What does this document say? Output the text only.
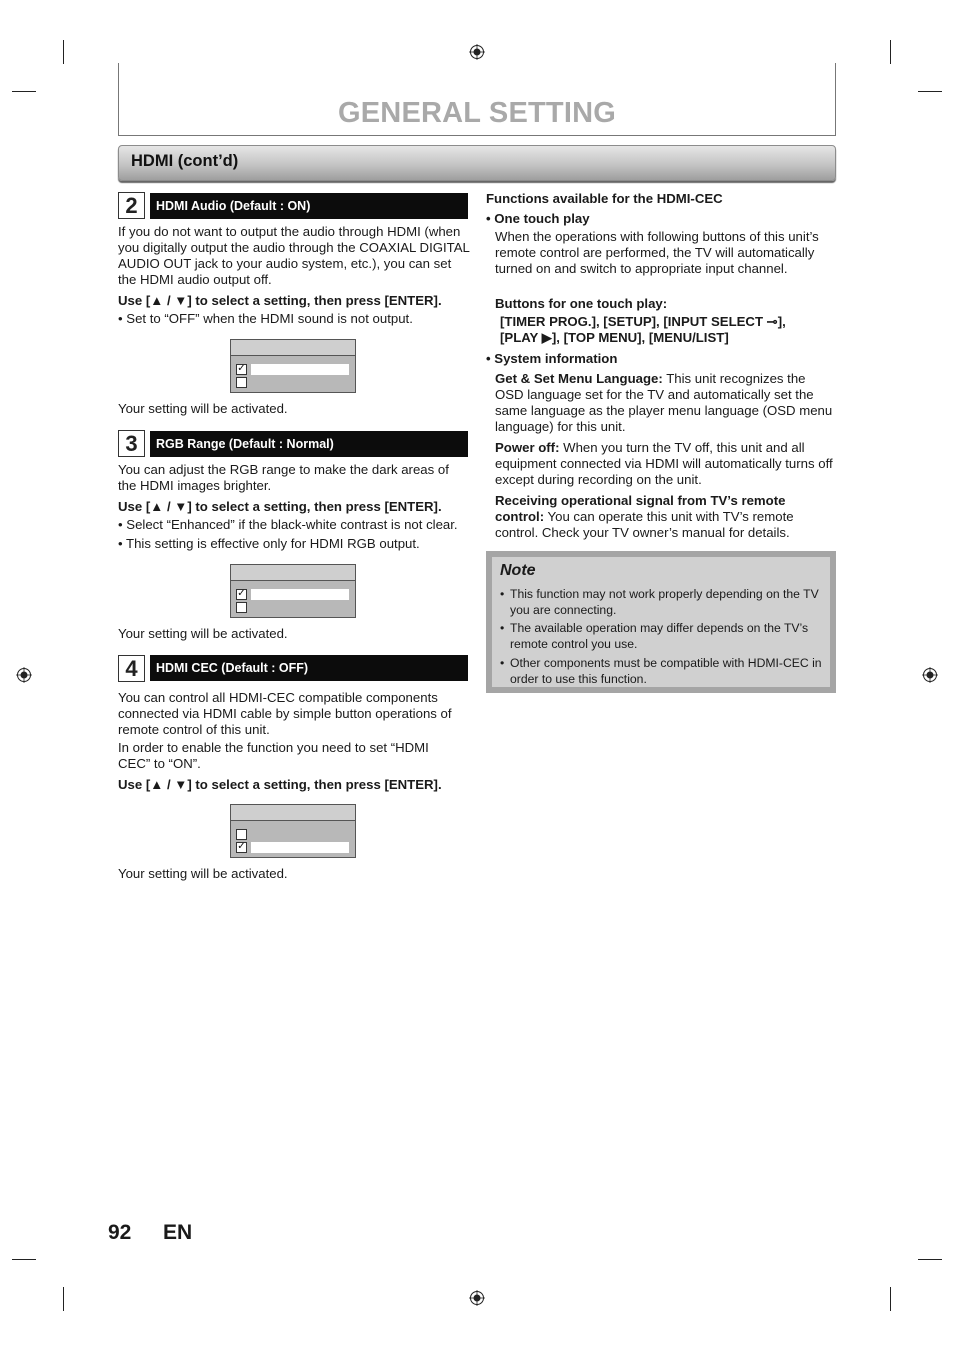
GENERAL SETTING
HDMI (cont’d)
2	HDMI Audio (Default : ON)
If you do not want to output the audio through HDMI (when you digitally output the audio through the COAXIAL DIGITAL AUDIO OUT jack to your audio system, etc.), you can set the HDMI audio output off.
Use [▲ / ▼] to select a setting, then press [ENTER].
• Set to “OFF” when the HDMI sound is not output.
✓
Your setting will be activated.
3	RGB Range (Default : Normal)
You can adjust the RGB range to make the dark areas of the HDMI images brighter.
Use [▲ / ▼] to select a setting, then press [ENTER].
• Select “Enhanced” if the black-white contrast is not clear.
• This setting is effective only for HDMI RGB output.
✓
Your setting will be activated.
4	HDMI CEC (Default : OFF)
You can control all HDMI-CEC compatible components connected via HDMI cable by simple button operations of remote control of this unit.
In order to enable the function you need to set “HDMI CEC” to “ON”.
Use [▲ / ▼] to select a setting, then press [ENTER].
✓
Your setting will be activated.
Functions available for the HDMI-CEC
• One touch play
When the operations with following buttons of this unit’s remote control are performed, the TV will automatically turned on and switch to appropriate input channel.
Buttons for one touch play:
[TIMER PROG.], [SETUP], [INPUT SELECT ⊸],
[PLAY ▶], [TOP MENU], [MENU/LIST]
• System information
Get & Set Menu Language: This unit recognizes the OSD language set for the TV and automatically set the same language as the player menu language (OSD menu language) for this unit.
Power off: When you turn the TV off, this unit and all equipment connected via HDMI will automatically turns off except during recording on the unit.
Receiving operational signal from TV’s remote control: You can operate this unit with TV’s remote control. Check your TV owner’s manual for details.
Note
• This function may not work properly depending on the TV you are connecting.
• The available operation may differ depends on the TV’s remote control you use.
• Other components must be compatible with HDMI-CEC in order to use this function.
92 EN
